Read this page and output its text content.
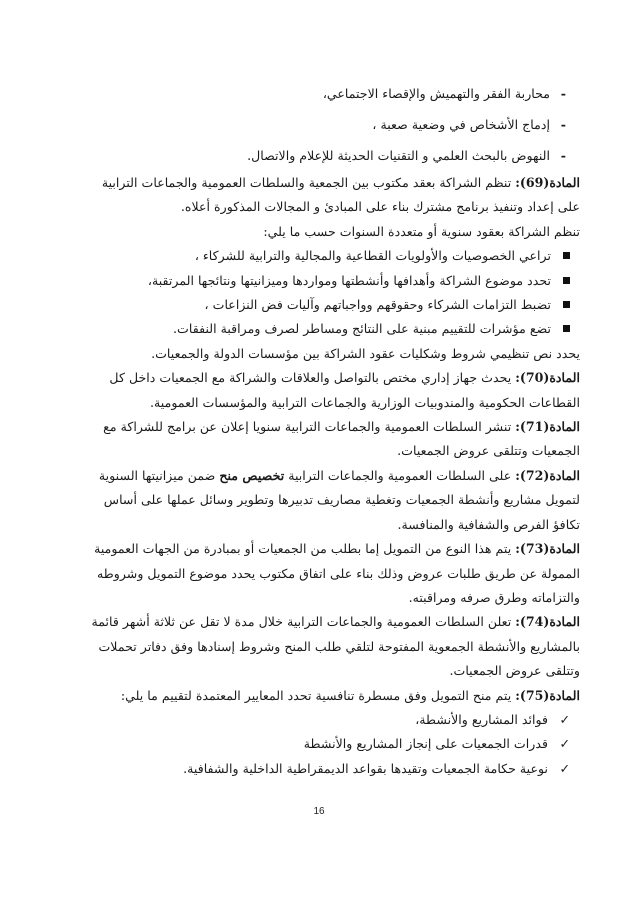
-
محاربة الفقر والتهميش والإقصاء الاجتماعي،
-
إدماج الأشخاص في وضعية صعبة ،
-
النهوض بالبحث العلمي و التقنيات الحديثة للإعلام والاتصال.

المادة(69): تنظم الشراكة بعقد مكتوب بين الجمعية والسلطات العمومية والجماعات الترابية

على إعداد وتنفيذ برنامج مشترك بناء على المبادئ و المجالات المذكورة أعلاه.

تنظم الشراكة بعقود سنوية أو متعددة السنوات حسب ما يلي:

تراعي الخصوصيات والأولويات القطاعية والمجالية والترابية للشركاء ،
تحدد موضوع الشراكة وأهدافها وأنشطتها ومواردها وميزانيتها ونتائجها المرتقبة،
تضبط التزامات الشركاء وحقوقهم وواجباتهم وآليات فض النزاعات ،
تضع مؤشرات للتقييم مبنية على النتائج ومساطر لصرف ومراقبة النفقات.

يحدد نص تنظيمي شروط وشكليات عقود الشراكة بين مؤسسات الدولة والجمعيات.

المادة(70): يحدث جهاز إداري مختص بالتواصل والعلاقات والشراكة مع الجمعيات داخل كل

القطاعات الحكومية والمندوبيات الوزارية والجماعات الترابية والمؤسسات العمومية.

المادة(71): تنشر السلطات العمومية والجماعات الترابية سنويا إعلان عن برامج للشراكة مع

الجمعيات وتتلقى عروض الجمعيات.

المادة(72): على السلطات العمومية والجماعات الترابية تخصيص منح ضمن ميزانيتها السنوية

لتمويل مشاريع وأنشطة الجمعيات وتغطية مصاريف تدبيرها وتطوير وسائل عملها على أساس

تكافؤ الفرص والشفافية والمنافسة.

المادة(73): يتم هذا النوع من التمويل إما بطلب من الجمعيات أو بمبادرة من الجهات العمومية

الممولة عن طريق طلبات عروض وذلك بناء على اتفاق مكتوب يحدد موضوع التمويل وشروطه

والتزاماته وطرق صرفه ومراقبته.

المادة(74): تعلن السلطات العمومية والجماعات الترابية خلال مدة لا تقل عن ثلاثة أشهر قائمة

بالمشاريع والأنشطة الجمعوية المفتوحة لتلقي طلب المنح وشروط إسنادها وفق دفاتر تحملات

وتتلقى عروض الجمعيات.

المادة(75): يتم منح التمويل وفق مسطرة تنافسية تحدد المعايير المعتمدة لتقييم ما يلي:

✓
فوائد المشاريع والأنشطة،
✓
قدرات الجمعيات على إنجاز المشاريع والأنشطة
✓
نوعية حكامة الجمعيات وتقيدها بقواعد الديمقراطية الداخلية والشفافية.
16
